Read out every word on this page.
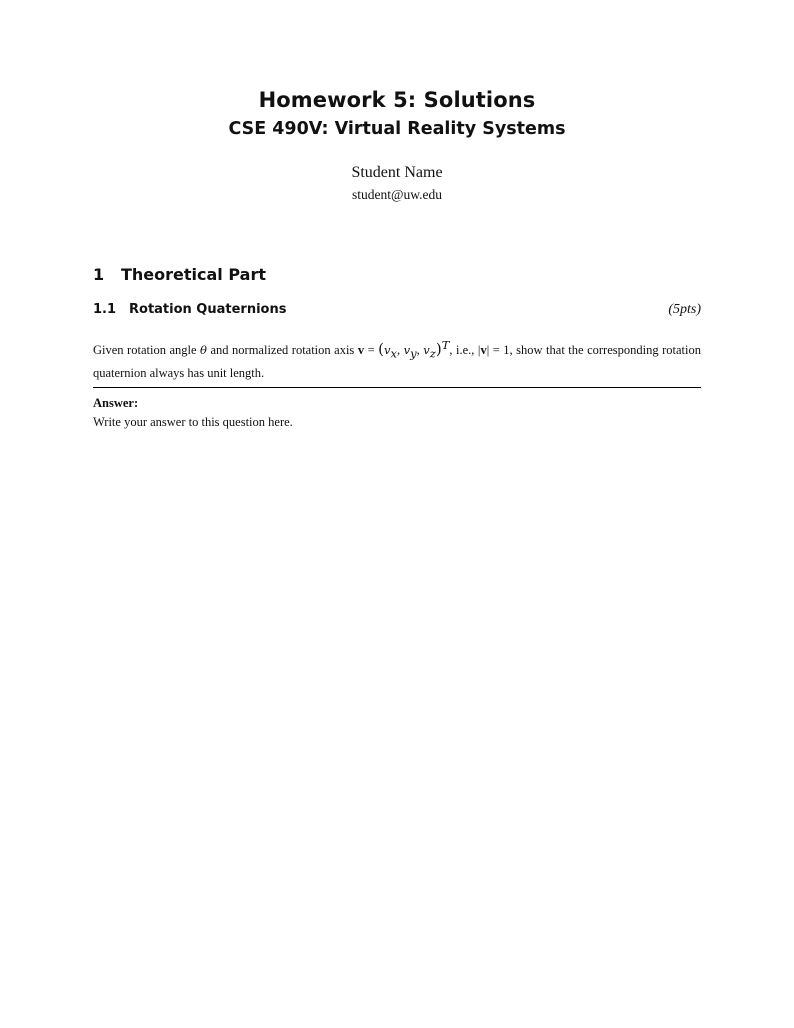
Homework 5: Solutions
CSE 490V: Virtual Reality Systems
Student Name
student@uw.edu
1 Theoretical Part
1.1 Rotation Quaternions	(5pts)
Given rotation angle θ and normalized rotation axis $v = (v_x$, $v_y$, $v_z)^T$, i.e., |v| = 1, show that the corresponding rotation quaternion always has unit length.
Answer:
Write your answer to this question here.
